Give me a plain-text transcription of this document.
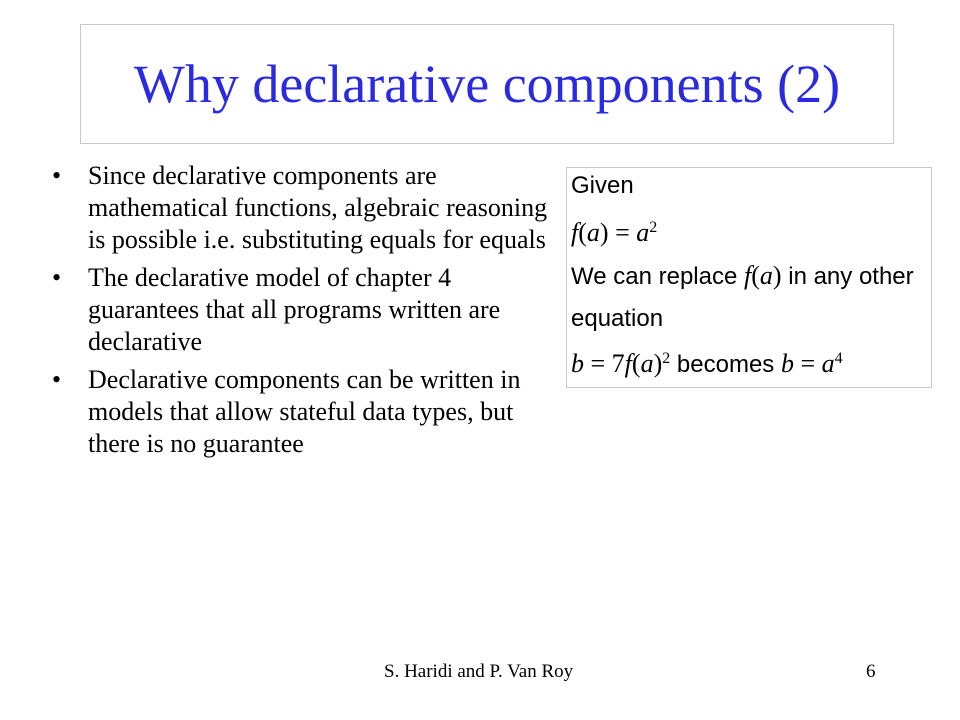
Why declarative components (2)
• Since declarative components are mathematical functions, algebraic reasoning is possible i.e. substituting equals for equals
• The declarative model of chapter 4 guarantees that all programs written are declarative
• Declarative components can be written in models that allow stateful data types, but there is no guarantee
Given
$f(a) = a^2$
We can replace f(a) in any other
equation
$b = 7f(a)^2$ becomes $b = a^4$
S. Haridi and P. Van Roy	6
